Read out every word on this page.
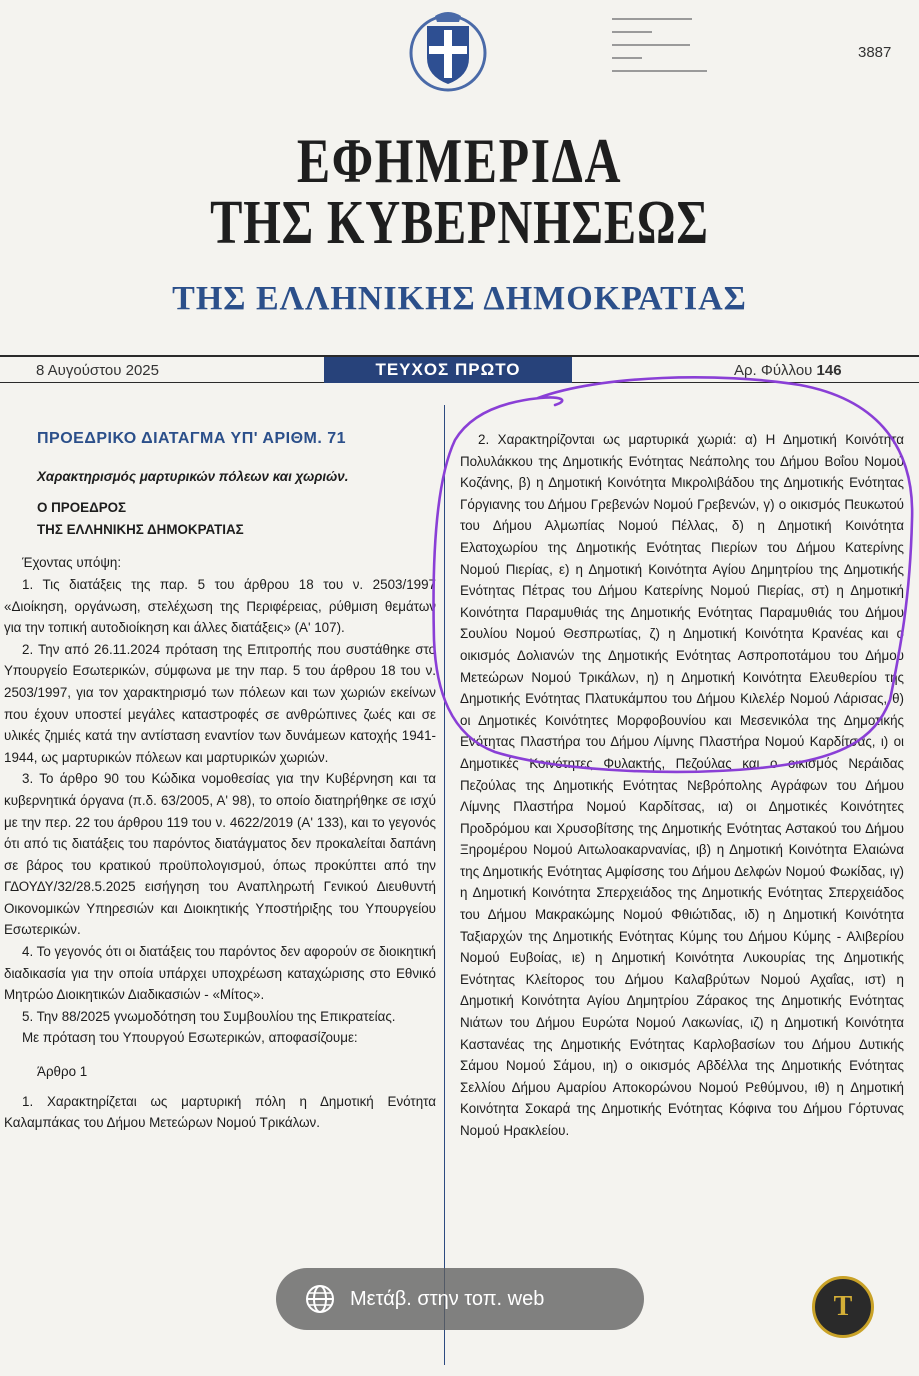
3887
ΕΦΗΜΕΡΙΔΑ
ΤΗΣ ΚΥΒΕΡΝΗΣΕΩΣ
ΤΗΣ ΕΛΛΗΝΙΚΗΣ ΔΗΜΟΚΡΑΤΙΑΣ
8 Αυγούστου 2025	ΤΕΥΧΟΣ ΠΡΩΤΟ	Αρ. Φύλλου 146
ΠΡΟΕΔΡΙΚΟ ΔΙΑΤΑΓΜΑ ΥΠ' ΑΡΙΘΜ. 71
Χαρακτηρισμός μαρτυρικών πόλεων και χωριών.
Ο ΠΡΟΕΔΡΟΣ
ΤΗΣ ΕΛΛΗΝΙΚΗΣ ΔΗΜΟΚΡΑΤΙΑΣ

Έχοντας υπόψη:

1. Τις διατάξεις της παρ. 5 του άρθρου 18 του ν. 2503/1997 «Διοίκηση, οργάνωση, στελέχωση της Περιφέρειας, ρύθμιση θεμάτων για την τοπική αυτοδιοίκηση και άλλες διατάξεις» (Α' 107).

2. Την από 26.11.2024 πρόταση της Επιτροπής που συστάθηκε στο Υπουργείο Εσωτερικών, σύμφωνα με την παρ. 5 του άρθρου 18 του ν. 2503/1997, για τον χαρακτηρισμό των πόλεων και των χωριών εκείνων που έχουν υποστεί μεγάλες καταστροφές σε ανθρώπινες ζωές και σε υλικές ζημιές κατά την αντίσταση εναντίον των δυνάμεων κατοχής 1941-1944, ως μαρτυρικών πόλεων και μαρτυρικών χωριών.

3. Το άρθρο 90 του Κώδικα νομοθεσίας για την Κυβέρνηση και τα κυβερνητικά όργανα (π.δ. 63/2005, Α' 98), το οποίο διατηρήθηκε σε ισχύ με την περ. 22 του άρθρου 119 του ν. 4622/2019 (Α' 133), και το γεγονός ότι από τις διατάξεις του παρόντος διατάγματος δεν προκαλείται δαπάνη σε βάρος του κρατικού προϋπολογισμού, όπως προκύπτει από την ΓΔΟΥΔΥ/32/28.5.2025 εισήγηση του Αναπληρωτή Γενικού Διευθυντή Οικονομικών Υπηρεσιών και Διοικητικής Υποστήριξης του Υπουργείου Εσωτερικών.

4. Το γεγονός ότι οι διατάξεις του παρόντος δεν αφορούν σε διοικητική διαδικασία για την οποία υπάρχει υποχρέωση καταχώρισης στο Εθνικό Μητρώο Διοικητικών Διαδικασιών - «Μίτος».

5. Την 88/2025 γνωμοδότηση του Συμβουλίου της Επικρατείας.

Με πρόταση του Υπουργού Εσωτερικών, αποφασίζουμε:

Άρθρο 1

1. Χαρακτηρίζεται ως μαρτυρική πόλη η Δημοτική Ενότητα Καλαμπάκας του Δήμου Μετεώρων Νομού Τρικάλων.

2. Χαρακτηρίζονται ως μαρτυρικά χωριά: α) Η Δημοτική Κοινότητα Πολυλάκκου της Δημοτικής Ενότητας Νεάπολης του Δήμου Βοΐου Νομού Κοζάνης, β) η Δημοτική Κοινότητα Μικρολιβάδου της Δημοτικής Ενότητας Γόργιανης του Δήμου Γρεβενών Νομού Γρεβενών, γ) ο οικισμός Πευκωτού του Δήμου Αλμωπίας Νομού Πέλλας, δ) η Δημοτική Κοινότητα Ελατοχωρίου της Δημοτικής Ενότητας Πιερίων του Δήμου Κατερίνης Νομού Πιερίας, ε) η Δημοτική Κοινότητα Αγίου Δημητρίου της Δημοτικής Ενότητας Πέτρας του Δήμου Κατερίνης Νομού Πιερίας, στ) η Δημοτική Κοινότητα Παραμυθιάς της Δημοτικής Ενότητας Παραμυθιάς του Δήμου Σουλίου Νομού Θεσπρωτίας, ζ) η Δημοτική Κοινότητα Κρανέας και ο οικισμός Δολιανών της Δημοτικής Ενότητας Ασπροποτάμου του Δήμου Μετεώρων Νομού Τρικάλων, η) η Δημοτική Κοινότητα Ελευθερίου της Δημοτικής Ενότητας Πλατυκάμπου του Δήμου Κιλελέρ Νομού Λάρισας, θ) οι Δημοτικές Κοινότητες Μορφοβουνίου και Μεσενικόλα της Δημοτικής Ενότητας Πλαστήρα του Δήμου Λίμνης Πλαστήρα Νομού Καρδίτσας, ι) οι Δημοτικές Κοινότητες Φυλακτής, Πεζούλας και ο οικισμός Νεράιδας Πεζούλας της Δημοτικής Ενότητας Νεβρόπολης Αγράφων του Δήμου Λίμνης Πλαστήρα Νομού Καρδίτσας, ια) οι Δημοτικές Κοινότητες Προδρόμου και Χρυσοβίτσης της Δημοτικής Ενότητας Αστακού του Δήμου Ξηρομέρου Νομού Αιτωλοακαρνανίας, ιβ) η Δημοτική Κοινότητα Ελαιώνα της Δημοτικής Ενότητας Αμφίσσης του Δήμου Δελφών Νομού Φωκίδας, ιγ) η Δημοτική Κοινότητα Σπερχειάδος της Δημοτικής Ενότητας Σπερχειάδος του Δήμου Μακρακώμης Νομού Φθιώτιδας, ιδ) η Δημοτική Κοινότητα Ταξιαρχών της Δημοτικής Ενότητας Κύμης του Δήμου Κύμης - Αλιβερίου Νομού Ευβοίας, ιε) η Δημοτική Κοινότητα Λυκουρίας της Δημοτικής Ενότητας Κλείτορος του Δήμου Καλαβρύτων Νομού Αχαΐας, ιστ) η Δημοτική Κοινότητα Αγίου Δημητρίου Ζάρακος της Δημοτικής Ενότητας Νιάτων του Δήμου Ευρώτα Νομού Λακωνίας, ιζ) η Δημοτική Κοινότητα Καστανέας της Δημοτικής Ενότητας Καρλοβασίων του Δήμου Δυτικής Σάμου Νομού Σάμου, ιη) ο οικισμός Αβδέλλα της Δημοτικής Ενότητας Σελλίου Δήμου Αμαρίου Αποκορώνου Νομού Ρεθύμνου, ιθ) η Δημοτική Κοινότητα Σοκαρά της Δημοτικής Ενότητας Κόφινα του Δήμου Γόρτυνας Νομού Ηρακλείου.

Μετάβ. στην τοπ. web	T
